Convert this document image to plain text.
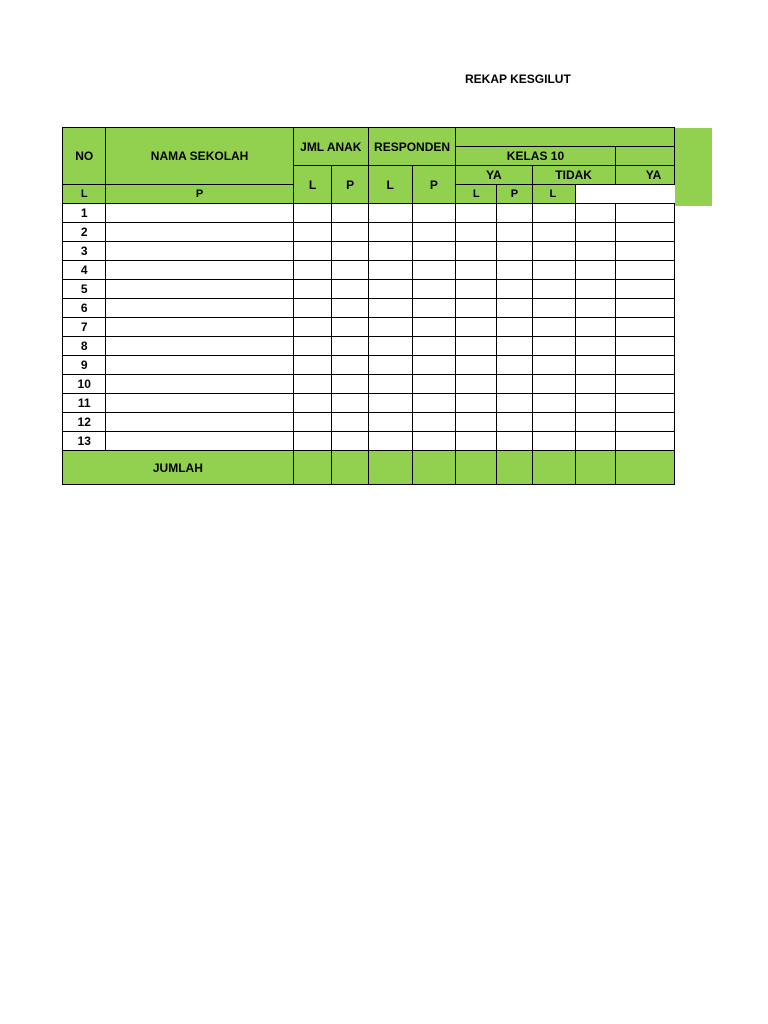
REKAP KESGILUT
NO	NAMA SEKOLAH	JML ANAK		RESPONDEN						
						KELAS 10				
		L	P	L	P	YA		TIDAK		YA
L	P					L	P	L		
1										
2										
3										
4										
5										
6										
7										
8										
9										
10										
11										
12										
13										
JUMLAH										
